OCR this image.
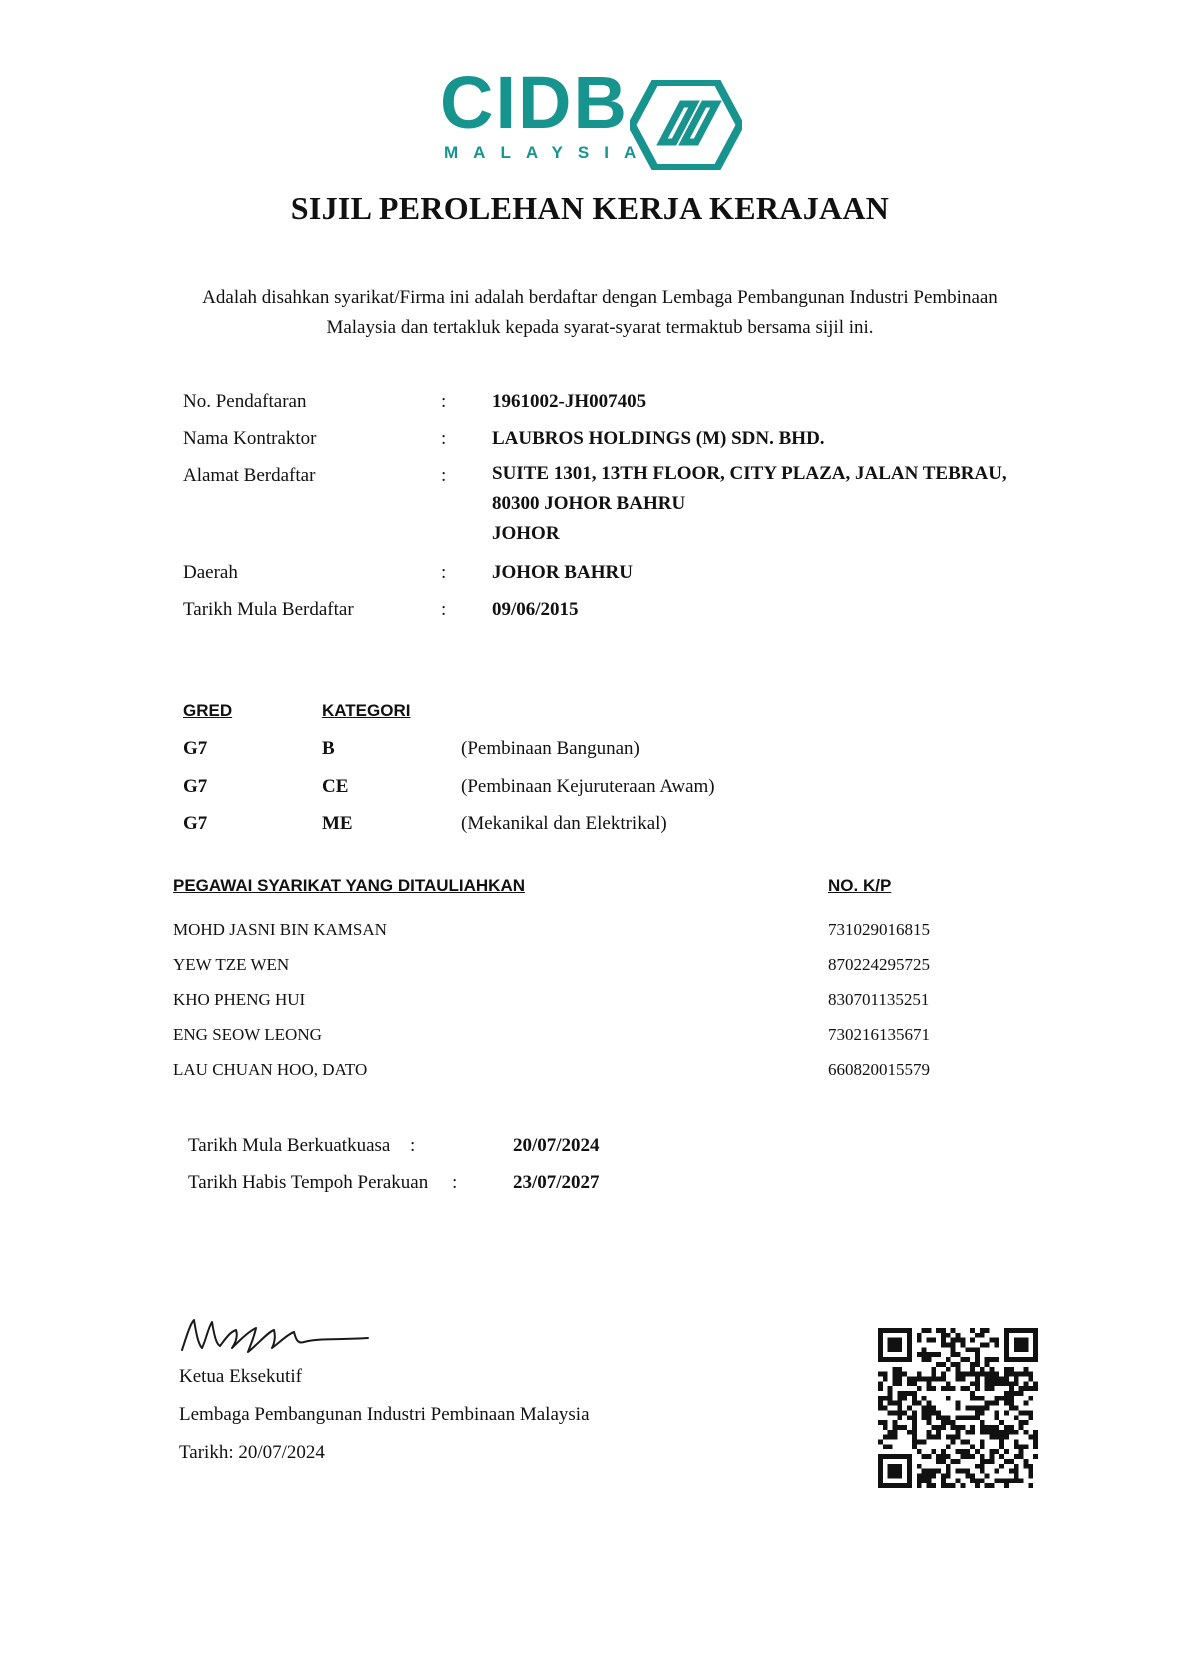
CIDB
MALAYSIA
SIJIL PEROLEHAN KERJA KERAJAAN
Adalah disahkan syarikat/Firma ini adalah berdaftar dengan Lembaga Pembangunan Industri Pembinaan
Malaysia dan tertakluk kepada syarat-syarat termaktub bersama sijil ini.
No. Pendaftaran	: 1961002-JH007405
Nama Kontraktor	: LAUBROS HOLDINGS (M) SDN. BHD.
Alamat Berdaftar	: SUITE 1301, 13TH FLOOR, CITY PLAZA, JALAN TEBRAU,
80300 JOHOR BAHRU
JOHOR
Daerah	: JOHOR BAHRU
Tarikh Mula Berdaftar	: 09/06/2015
GRED	KATEGORI
G7	B	(Pembinaan Bangunan)
G7	CE	(Pembinaan Kejuruteraan Awam)
G7	ME	(Mekanikal dan Elektrikal)
PEGAWAI SYARIKAT YANG DITAULIAHKAN	NO. K/P
MOHD JASNI BIN KAMSAN	731029016815
YEW TZE WEN	870224295725
KHO PHENG HUI	830701135251
ENG SEOW LEONG	730216135671
LAU CHUAN HOO, DATO	660820015579
Tarikh Mula Berkuatkuasa :	20/07/2024
Tarikh Habis Tempoh Perakuan :	23/07/2027
Ketua Eksekutif
Lembaga Pembangunan Industri Pembinaan Malaysia
Tarikh: 20/07/2024
